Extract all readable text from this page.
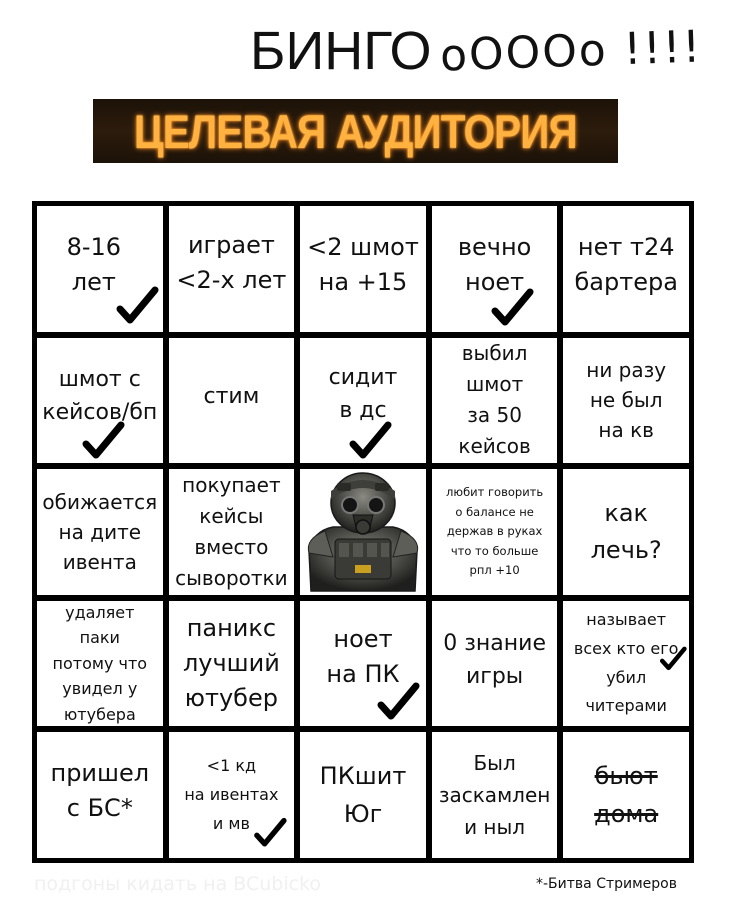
БИНГО oOOOo !!!!
ЦЕЛЕВАЯ АУДИТОРИЯ
8-16
лет
играет
<2-х лет
<2 шмот
на +15
вечно
ноет
нет т24
бартера
шмот с
кейсов/бп
стим
сидит
в дс
выбил
шмот
за 50
кейсов
ни разу
не был
на кв
обижается
на дите
ивента
покупает
кейсы
вместо
сыворотки
любит говорить
о балансе не
держав в руках
что то больше
рпл +10
как
лечь?
удаляет
паки
потому что
увидел у
ютубера
паникс
лучший
ютубер
ноет
на ПК
0 знание
игры
называет
всех кто его
убил
читерами
пришел
с БС*
<1 кд
на ивентах
и мв
ПКшит
Юг
Был
заскамлен
и ныл
бьют
дома
подгоны кидать на BCubicko	*-Битва Стримеров
